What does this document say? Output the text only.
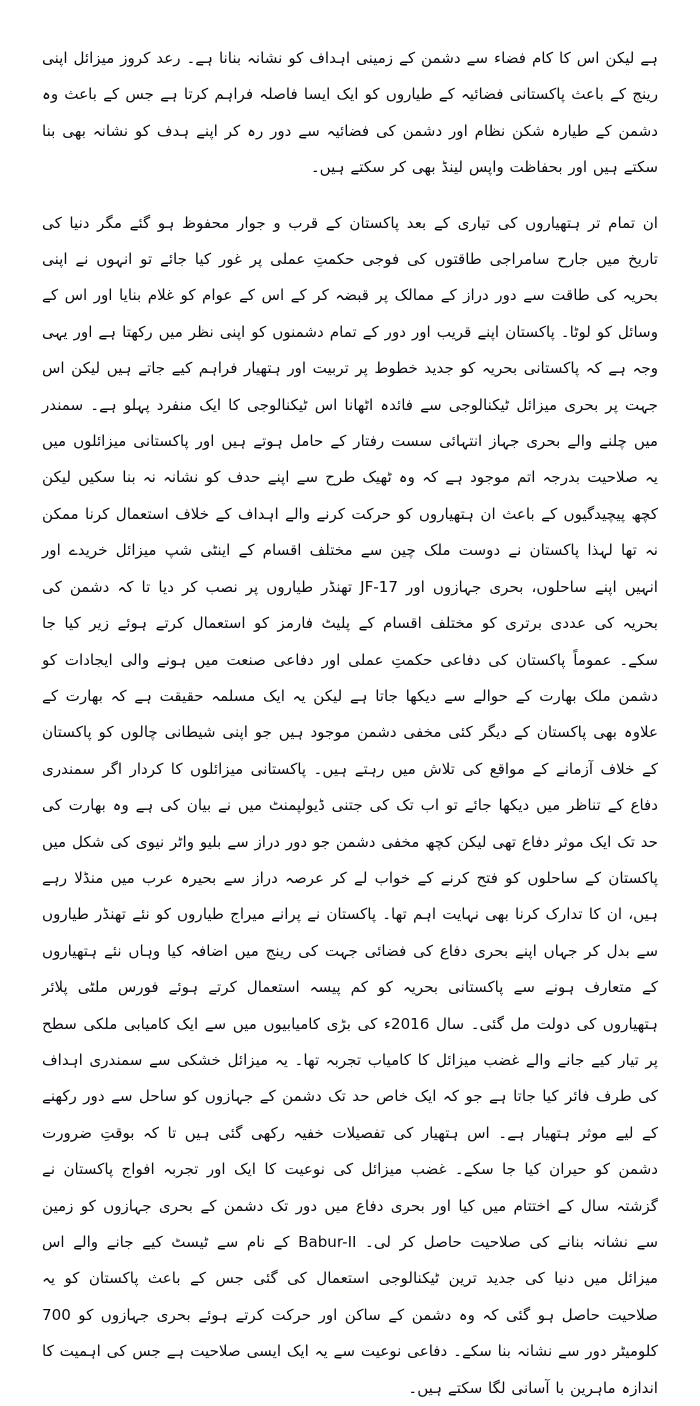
ہے لیکن اس کا کام فضاء سے دشمن کے زمینی اہداف کو نشانہ بنانا ہے۔ رعد کروز میزائل اپنی رینج کے باعث پاکستانی فضائیہ کے طیاروں کو ایک ایسا فاصلہ فراہم کرتا ہے جس کے باعث وہ دشمن کے طیارہ شکن نظام اور دشمن کی فضائیہ سے دور رہ کر اپنے ہدف کو نشانہ بھی بنا سکتے ہیں اور بحفاظت واپس لینڈ بھی کر سکتے ہیں۔

ان تمام تر ہتھیاروں کی تیاری کے بعد پاکستان کے قرب و جوار محفوظ ہو گئے مگر دنیا کی تاریخ میں جارح سامراجی طاقتوں کی فوجی حکمتِ عملی پر غور کیا جائے تو انہوں نے اپنی بحریہ کی طاقت سے دور دراز کے ممالک پر قبضہ کر کے اس کے عوام کو غلام بنایا اور اس کے وسائل کو لوٹا۔ پاکستان اپنے قریب اور دور کے تمام دشمنوں کو اپنی نظر میں رکھتا ہے اور یہی وجہ ہے کہ پاکستانی بحریہ کو جدید خطوط پر تربیت اور ہتھیار فراہم کیے جاتے ہیں لیکن اس جہت پر بحری میزائل ٹیکنالوجی سے فائدہ اٹھانا اس ٹیکنالوجی کا ایک منفرد پہلو ہے۔ سمندر میں چلنے والے بحری جہاز انتہائی سست رفتار کے حامل ہوتے ہیں اور پاکستانی میزائلوں میں یہ صلاحیت بدرجہ اتم موجود ہے کہ وہ ٹھیک طرح سے اپنے حدف کو نشانہ نہ بنا سکیں لیکن کچھ پیچیدگیوں کے باعث ان ہتھیاروں کو حرکت کرنے والے اہداف کے خلاف استعمال کرنا ممکن نہ تھا لہذا پاکستان نے دوست ملک چین سے مختلف اقسام کے اینٹی شپ میزائل خریدے اور انہیں اپنے ساحلوں، بحری جہازوں اور JF-17 تھنڈر طیاروں پر نصب کر دیا تا کہ دشمن کی بحریہ کی عددی برتری کو مختلف اقسام کے پلیٹ فارمز کو استعمال کرتے ہوئے زیر کیا جا سکے۔ عموماً پاکستان کی دفاعی حکمتِ عملی اور دفاعی صنعت میں ہونے والی ایجادات کو دشمن ملک بھارت کے حوالے سے دیکھا جاتا ہے لیکن یہ ایک مسلمہ حقیقت ہے کہ بھارت کے علاوہ بھی پاکستان کے دیگر کئی مخفی دشمن موجود ہیں جو اپنی شیطانی چالوں کو پاکستان کے خلاف آزمانے کے مواقع کی تلاش میں رہتے ہیں۔ پاکستانی میزائلوں کا کردار اگر سمندری دفاع کے تناظر میں دیکھا جائے تو اب تک کی جتنی ڈیولپمنٹ میں نے بیان کی ہے وہ بھارت کی حد تک ایک موثر دفاع تھی لیکن کچھ مخفی دشمن جو دور دراز سے بلیو واٹر نیوی کی شکل میں پاکستان کے ساحلوں کو فتح کرنے کے خواب لے کر عرصہ دراز سے بحیرہ عرب میں منڈلا رہے ہیں، ان کا تدارک کرنا بھی نہایت اہم تھا۔ پاکستان نے پرانے میراج طیاروں کو نئے تھنڈر طیاروں سے بدل کر جہاں اپنے بحری دفاع کی فضائی جہت کی رینج میں اضافہ کیا وہاں نئے ہتھیاروں کے متعارف ہونے سے پاکستانی بحریہ کو کم پیسہ استعمال کرتے ہوئے فورس ملٹی پلائر ہتھیاروں کی دولت مل گئی۔ سال 2016ء کی بڑی کامیابیوں میں سے ایک کامیابی ملکی سطح پر تیار کیے جانے والے غضب میزائل کا کامیاب تجربہ تھا۔ یہ میزائل خشکی سے سمندری اہداف کی طرف فائر کیا جاتا ہے جو کہ ایک خاص حد تک دشمن کے جہازوں کو ساحل سے دور رکھنے کے لیے موثر ہتھیار ہے۔ اس ہتھیار کی تفصیلات خفیہ رکھی گئی ہیں تا کہ بوقتِ ضرورت دشمن کو حیران کیا جا سکے۔ غضب میزائل کی نوعیت کا ایک اور تجربہ افواج پاکستان نے گزشتہ سال کے اختتام میں کیا اور بحری دفاع میں دور تک دشمن کے بحری جہازوں کو زمین سے نشانہ بنانے کی صلاحیت حاصل کر لی۔ Babur-II کے نام سے ٹیسٹ کیے جانے والے اس میزائل میں دنیا کی جدید ترین ٹیکنالوجی استعمال کی گئی جس کے باعث پاکستان کو یہ صلاحیت حاصل ہو گئی کہ وہ دشمن کے ساکن اور حرکت کرتے ہوئے بحری جہازوں کو 700 کلومیٹر دور سے نشانہ بنا سکے۔ دفاعی نوعیت سے یہ ایک ایسی صلاحیت ہے جس کی اہمیت کا اندازہ ماہرین با آسانی لگا سکتے ہیں۔
